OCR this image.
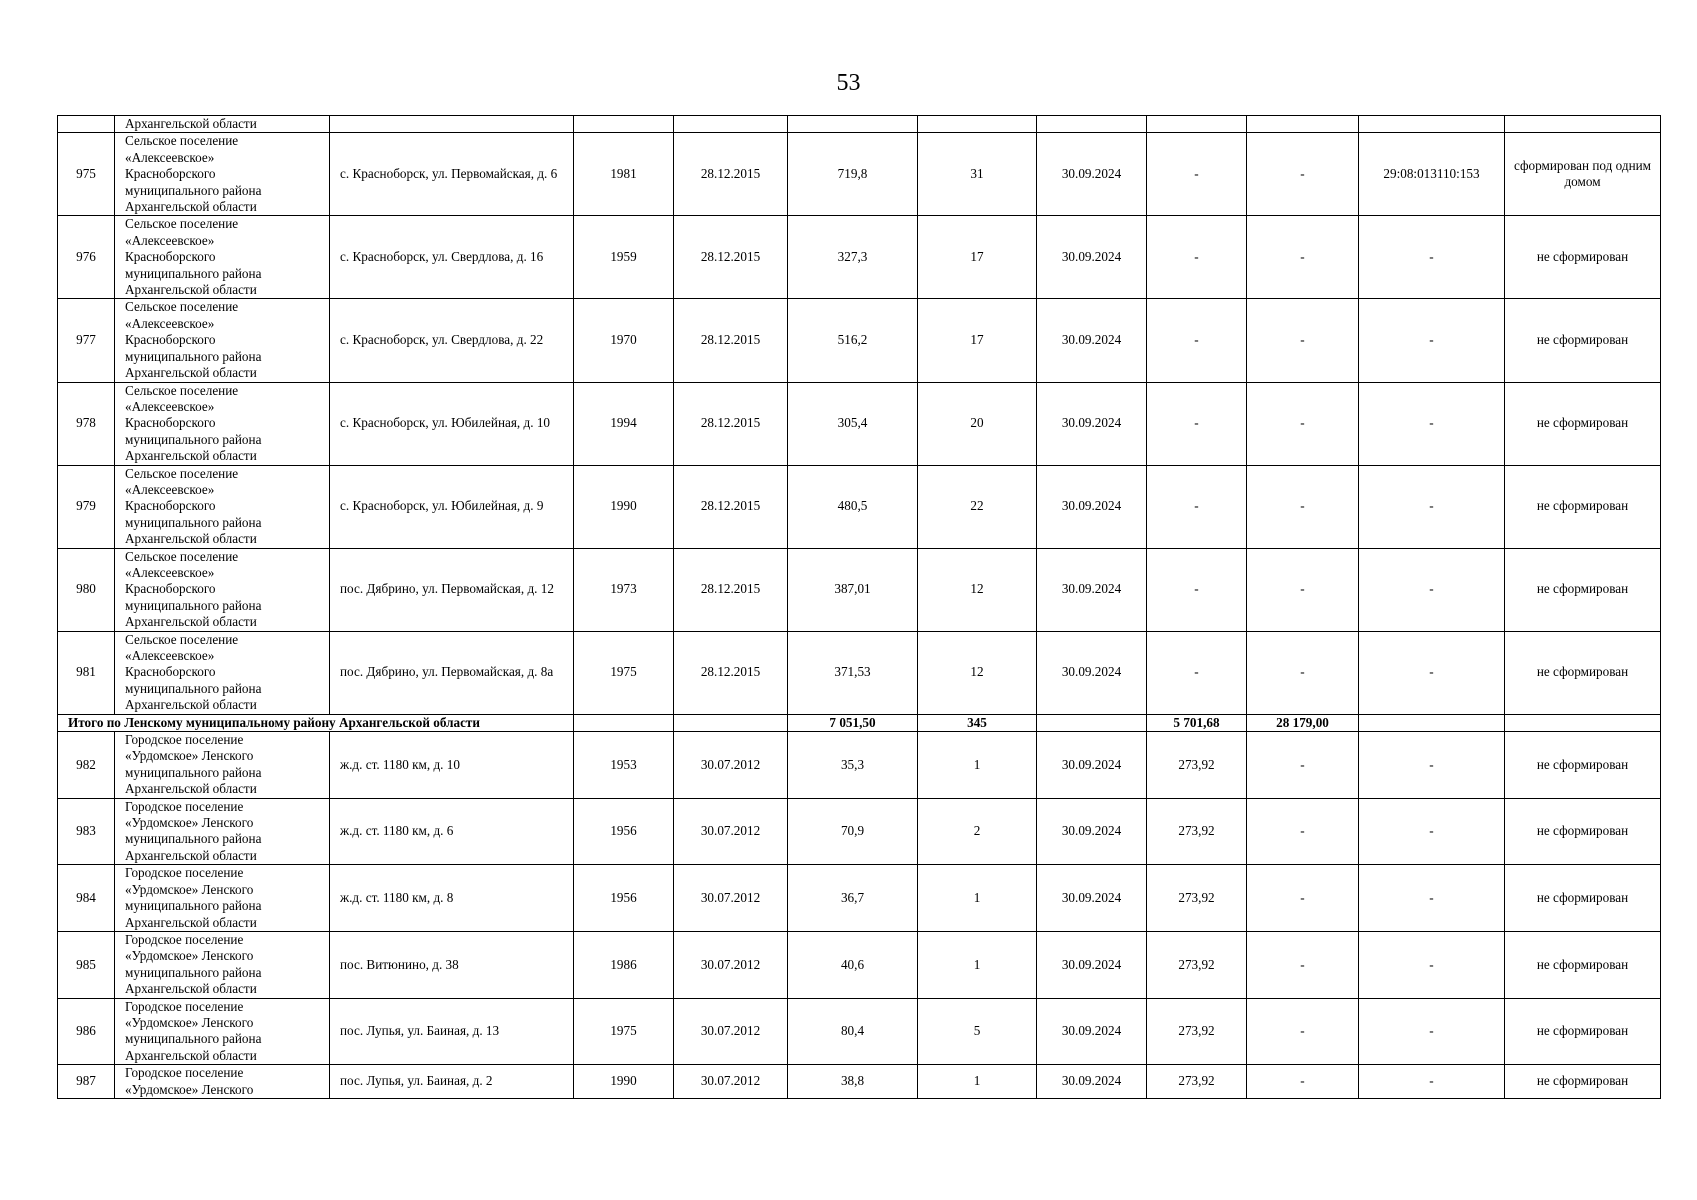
53
	Архангельской области										
975	Сельское поселение
«Алексеевское»
Красноборского
муниципального района
Архангельской области	с. Красноборск, ул. Первомайская, д. 6	1981	28.12.2015	719,8	31	30.09.2024	-	-	29:08:013110:153	сформирован под одним домом
976	Сельское поселение
«Алексеевское»
Красноборского
муниципального района
Архангельской области	с. Красноборск, ул. Свердлова, д. 16	1959	28.12.2015	327,3	17	30.09.2024	-	-	-	не сформирован
977	Сельское поселение
«Алексеевское»
Красноборского
муниципального района
Архангельской области	с. Красноборск, ул. Свердлова, д. 22	1970	28.12.2015	516,2	17	30.09.2024	-	-	-	не сформирован
978	Сельское поселение
«Алексеевское»
Красноборского
муниципального района
Архангельской области	с. Красноборск, ул. Юбилейная, д. 10	1994	28.12.2015	305,4	20	30.09.2024	-	-	-	не сформирован
979	Сельское поселение
«Алексеевское»
Красноборского
муниципального района
Архангельской области	с. Красноборск, ул. Юбилейная, д. 9	1990	28.12.2015	480,5	22	30.09.2024	-	-	-	не сформирован
980	Сельское поселение
«Алексеевское»
Красноборского
муниципального района
Архангельской области	пос. Дябрино, ул. Первомайская, д. 12	1973	28.12.2015	387,01	12	30.09.2024	-	-	-	не сформирован
981	Сельское поселение
«Алексеевское»
Красноборского
муниципального района
Архангельской области	пос. Дябрино, ул. Первомайская, д. 8а	1975	28.12.2015	371,53	12	30.09.2024	-	-	-	не сформирован
Итого по Ленскому муниципальному району Архангельской области					7 051,50	345		5 701,68	28 179,00		
982	Городское поселение
«Урдомское» Ленского
муниципального района
Архангельской области	ж.д. ст. 1180 км, д. 10	1953	30.07.2012	35,3	1	30.09.2024	273,92	-	-	не сформирован
983	Городское поселение
«Урдомское» Ленского
муниципального района
Архангельской области	ж.д. ст. 1180 км, д. 6	1956	30.07.2012	70,9	2	30.09.2024	273,92	-	-	не сформирован
984	Городское поселение
«Урдомское» Ленского
муниципального района
Архангельской области	ж.д. ст. 1180 км, д. 8	1956	30.07.2012	36,7	1	30.09.2024	273,92	-	-	не сформирован
985	Городское поселение
«Урдомское» Ленского
муниципального района
Архангельской области	пос. Витюнино, д. 38	1986	30.07.2012	40,6	1	30.09.2024	273,92	-	-	не сформирован
986	Городское поселение
«Урдомское» Ленского
муниципального района
Архангельской области	пос. Лупья, ул. Баиная, д. 13	1975	30.07.2012	80,4	5	30.09.2024	273,92	-	-	не сформирован
987	Городское поселение
«Урдомское» Ленского	пос. Лупья, ул. Баиная, д. 2	1990	30.07.2012	38,8	1	30.09.2024	273,92	-	-	не сформирован
